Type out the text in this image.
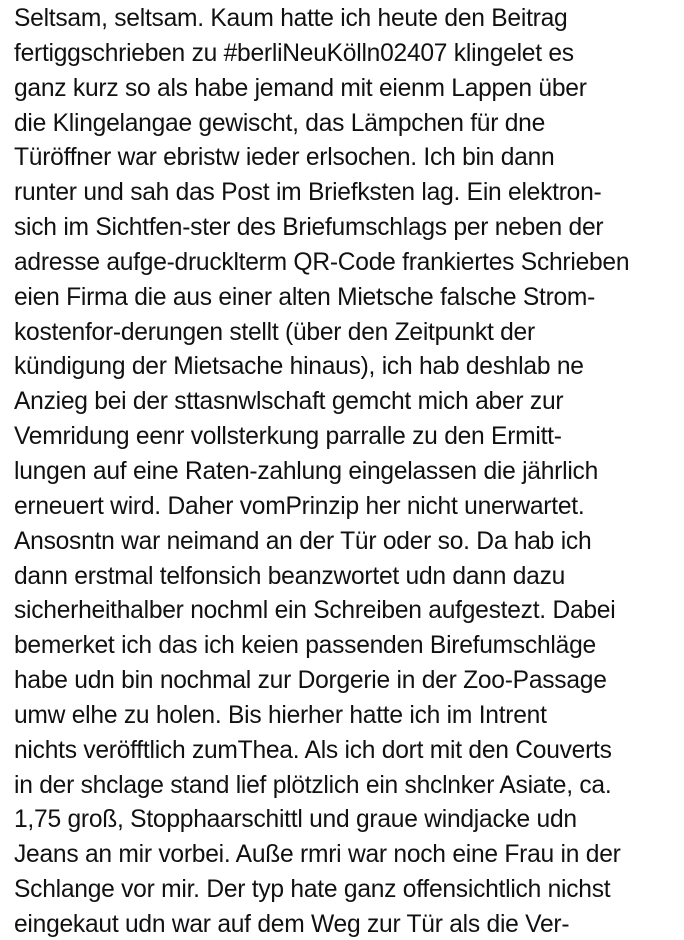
Seltsam, seltsam. Kaum hatte ich heute den Beitrag
fertiggschrieben zu #berliNeuKölln02407 klingelet es
ganz kurz so als habe jemand mit eienm Lappen über
die Klingelangae gewischt, das Lämpchen für dne
Türöffner war ebristw ieder erlsochen. Ich bin dann
runter und sah das Post im Briefksten lag. Ein elektron-
sich im Sichtfen-ster des Briefumschlags per neben der
adresse aufge-drucklterm QR-Code frankiertes Schrieben
eien Firma die aus einer alten Mietsche falsche Strom-
kostenfor-derungen stellt (über den Zeitpunkt der
kündigung der Mietsache hinaus), ich hab deshlab ne
Anzieg bei der sttasnwlschaft gemcht mich aber zur
Vemridung eenr vollsterkung parralle zu den Ermitt-
lungen auf eine Raten-zahlung eingelassen die jährlich
erneuert wird. Daher vomPrinzip her nicht unerwartet.
Ansosntn war neimand an der Tür oder so. Da hab ich
dann erstmal telfonsich beanzwortet udn dann dazu
sicherheithalber nochml ein Schreiben aufgestezt. Dabei
bemerket ich das ich keien passenden Birefumschläge
habe udn bin nochmal zur Dorgerie in der Zoo-Passage
umw elhe zu holen. Bis hierher hatte ich im Intrent
nichts veröfftlich zumThea. Als ich dort mit den Couverts
in der shclage stand lief plötzlich ein shclnker Asiate, ca.
1,75 groß, Stopphaarschittl und graue windjacke udn
Jeans an mir vorbei. Auße rmri war noch eine Frau in der
Schlange vor mir. Der typ hate ganz offensichtlich nichst
eingekaut udn war auf dem Weg zur Tür als die Ver-
